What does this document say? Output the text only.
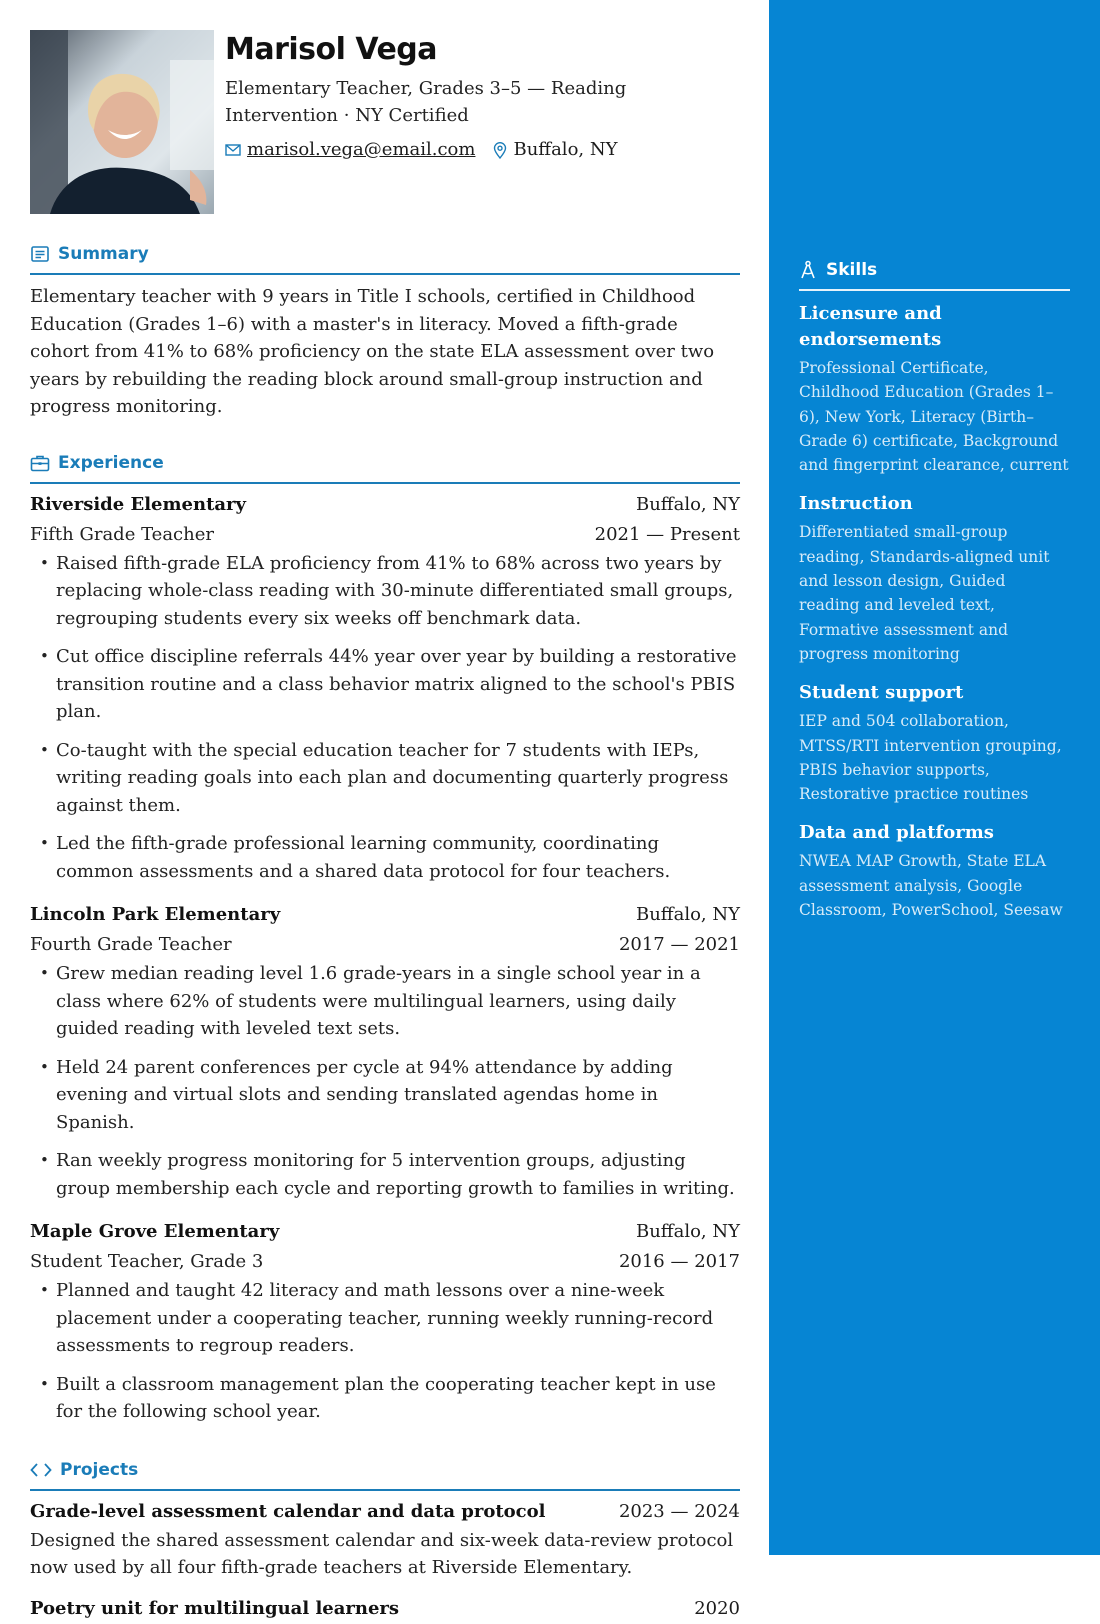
Marisol Vega
Elementary Teacher, Grades 3–5 — Reading Intervention · NY Certified
marisol.vega@email.com Buffalo, NY
Summary

Elementary teacher with 9 years in Title I schools, certified in Childhood Education (Grades 1–6) with a master's in literacy. Moved a fifth-grade cohort from 41% to 68% proficiency on the state ELA assessment over two years by rebuilding the reading block around small-group instruction and progress monitoring.

Experience
Riverside Elementary	Buffalo, NY
Fifth Grade Teacher	2021 — Present
• Raised fifth-grade ELA proficiency from 41% to 68% across two years by replacing whole-class reading with 30-minute differentiated small groups, regrouping students every six weeks off benchmark data.
• Cut office discipline referrals 44% year over year by building a restorative transition routine and a class behavior matrix aligned to the school's PBIS plan.
• Co-taught with the special education teacher for 7 students with IEPs, writing reading goals into each plan and documenting quarterly progress against them.
• Led the fifth-grade professional learning community, coordinating common assessments and a shared data protocol for four teachers.
Lincoln Park Elementary	Buffalo, NY
Fourth Grade Teacher	2017 — 2021
• Grew median reading level 1.6 grade-years in a single school year in a class where 62% of students were multilingual learners, using daily guided reading with leveled text sets.
• Held 24 parent conferences per cycle at 94% attendance by adding evening and virtual slots and sending translated agendas home in Spanish.
• Ran weekly progress monitoring for 5 intervention groups, adjusting group membership each cycle and reporting growth to families in writing.
Maple Grove Elementary	Buffalo, NY
Student Teacher, Grade 3	2016 — 2017
• Planned and taught 42 literacy and math lessons over a nine-week placement under a cooperating teacher, running weekly running-record assessments to regroup readers.
• Built a classroom management plan the cooperating teacher kept in use for the following school year.
Projects
Grade-level assessment calendar and data protocol	2023 — 2024

Designed the shared assessment calendar and six-week data-review protocol now used by all four fifth-grade teachers at Riverside Elementary.

Poetry unit for multilingual learners	2020
Skills
Licensure and endorsements
Professional Certificate, Childhood Education (Grades 1–6), New York, Literacy (Birth–Grade 6) certificate, Background and fingerprint clearance, current
Instruction
Differentiated small-group reading, Standards-aligned unit and lesson design, Guided reading and leveled text, Formative assessment and progress monitoring
Student support
IEP and 504 collaboration, MTSS/RTI intervention grouping, PBIS behavior supports, Restorative practice routines
Data and platforms
NWEA MAP Growth, State ELA assessment analysis, Google Classroom, PowerSchool, Seesaw
